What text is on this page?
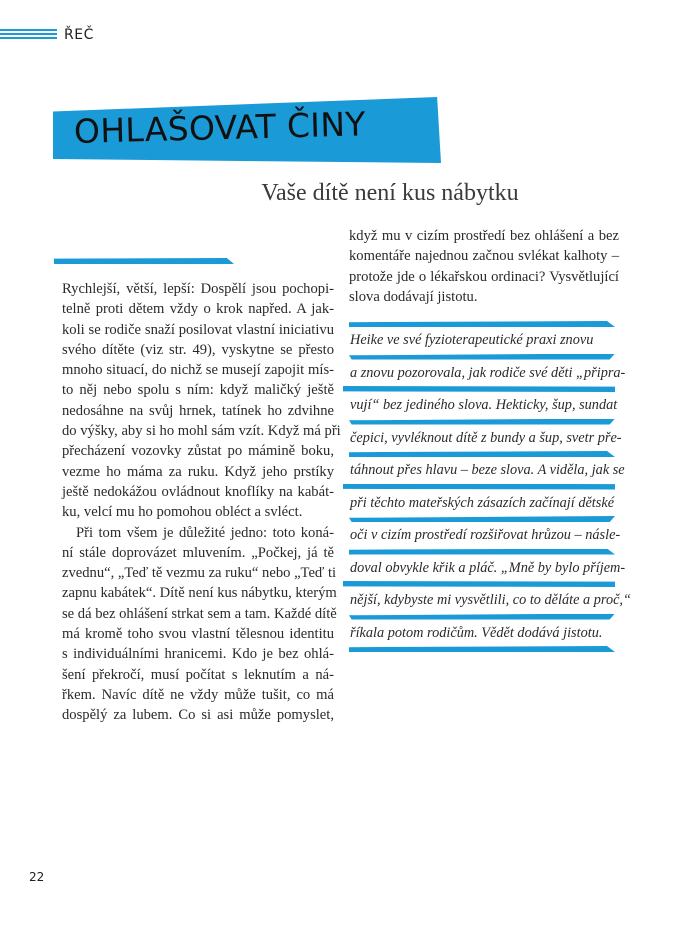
ŘEČ
OHLAŠOVAT ČINY
Vaše dítě není kus nábytku
Rychlejší, větší, lepší: Dospělí jsou pochopi-
telně proti dětem vždy o krok napřed. A jak-
koli se rodiče snaží posilovat vlastní iniciativu
svého dítěte (viz str. 49), vyskytne se přesto
mnoho situací, do nichž se musejí zapojit mís-
to něj nebo spolu s ním: když maličký ještě
nedosáhne na svůj hrnek, tatínek ho zdvihne
do výšky, aby si ho mohl sám vzít. Když má při
přecházení vozovky zůstat po mámině boku,
vezme ho máma za ruku. Když jeho prstíky
ještě nedokážou ovládnout knoflíky na kabát-
ku, velcí mu ho pomohou obléct a svléct.
Při tom všem je důležité jedno: toto koná-
ní stále doprovázet mluvením. „Počkej, já tě
zvednu“, „Teď tě vezmu za ruku“ nebo „Teď ti
zapnu kabátek“. Dítě není kus nábytku, kterým
se dá bez ohlášení strkat sem a tam. Každé dítě
má kromě toho svou vlastní tělesnou identitu
s individuálními hranicemi. Kdo je bez ohlá-
šení překročí, musí počítat s leknutím a ná-
řkem. Navíc dítě ne vždy může tušit, co má
dospělý za lubem. Co si asi může pomyslet,
když mu v cizím prostředí bez ohlášení a bez
komentáře najednou začnou svlékat kalhoty –
protože jde o lékařskou ordinaci? Vysvětlující
slova dodávají jistotu.
Heike ve své fyzioterapeutické praxi znovu
a znovu pozorovala, jak rodiče své děti „připra-
vují“ bez jediného slova. Hekticky, šup, sundat
čepici, vyvléknout dítě z bundy a šup, svetr pře-
táhnout přes hlavu – beze slova. A viděla, jak se
při těchto mateřských zásazích začínají dětské
oči v cizím prostředí rozšiřovat hrůzou – násle-
doval obvykle křik a pláč. „Mně by bylo příjem-
nější, kdybyste mi vysvětlili, co to děláte a proč,“
říkala potom rodičům. Vědět dodává jistotu.
22
